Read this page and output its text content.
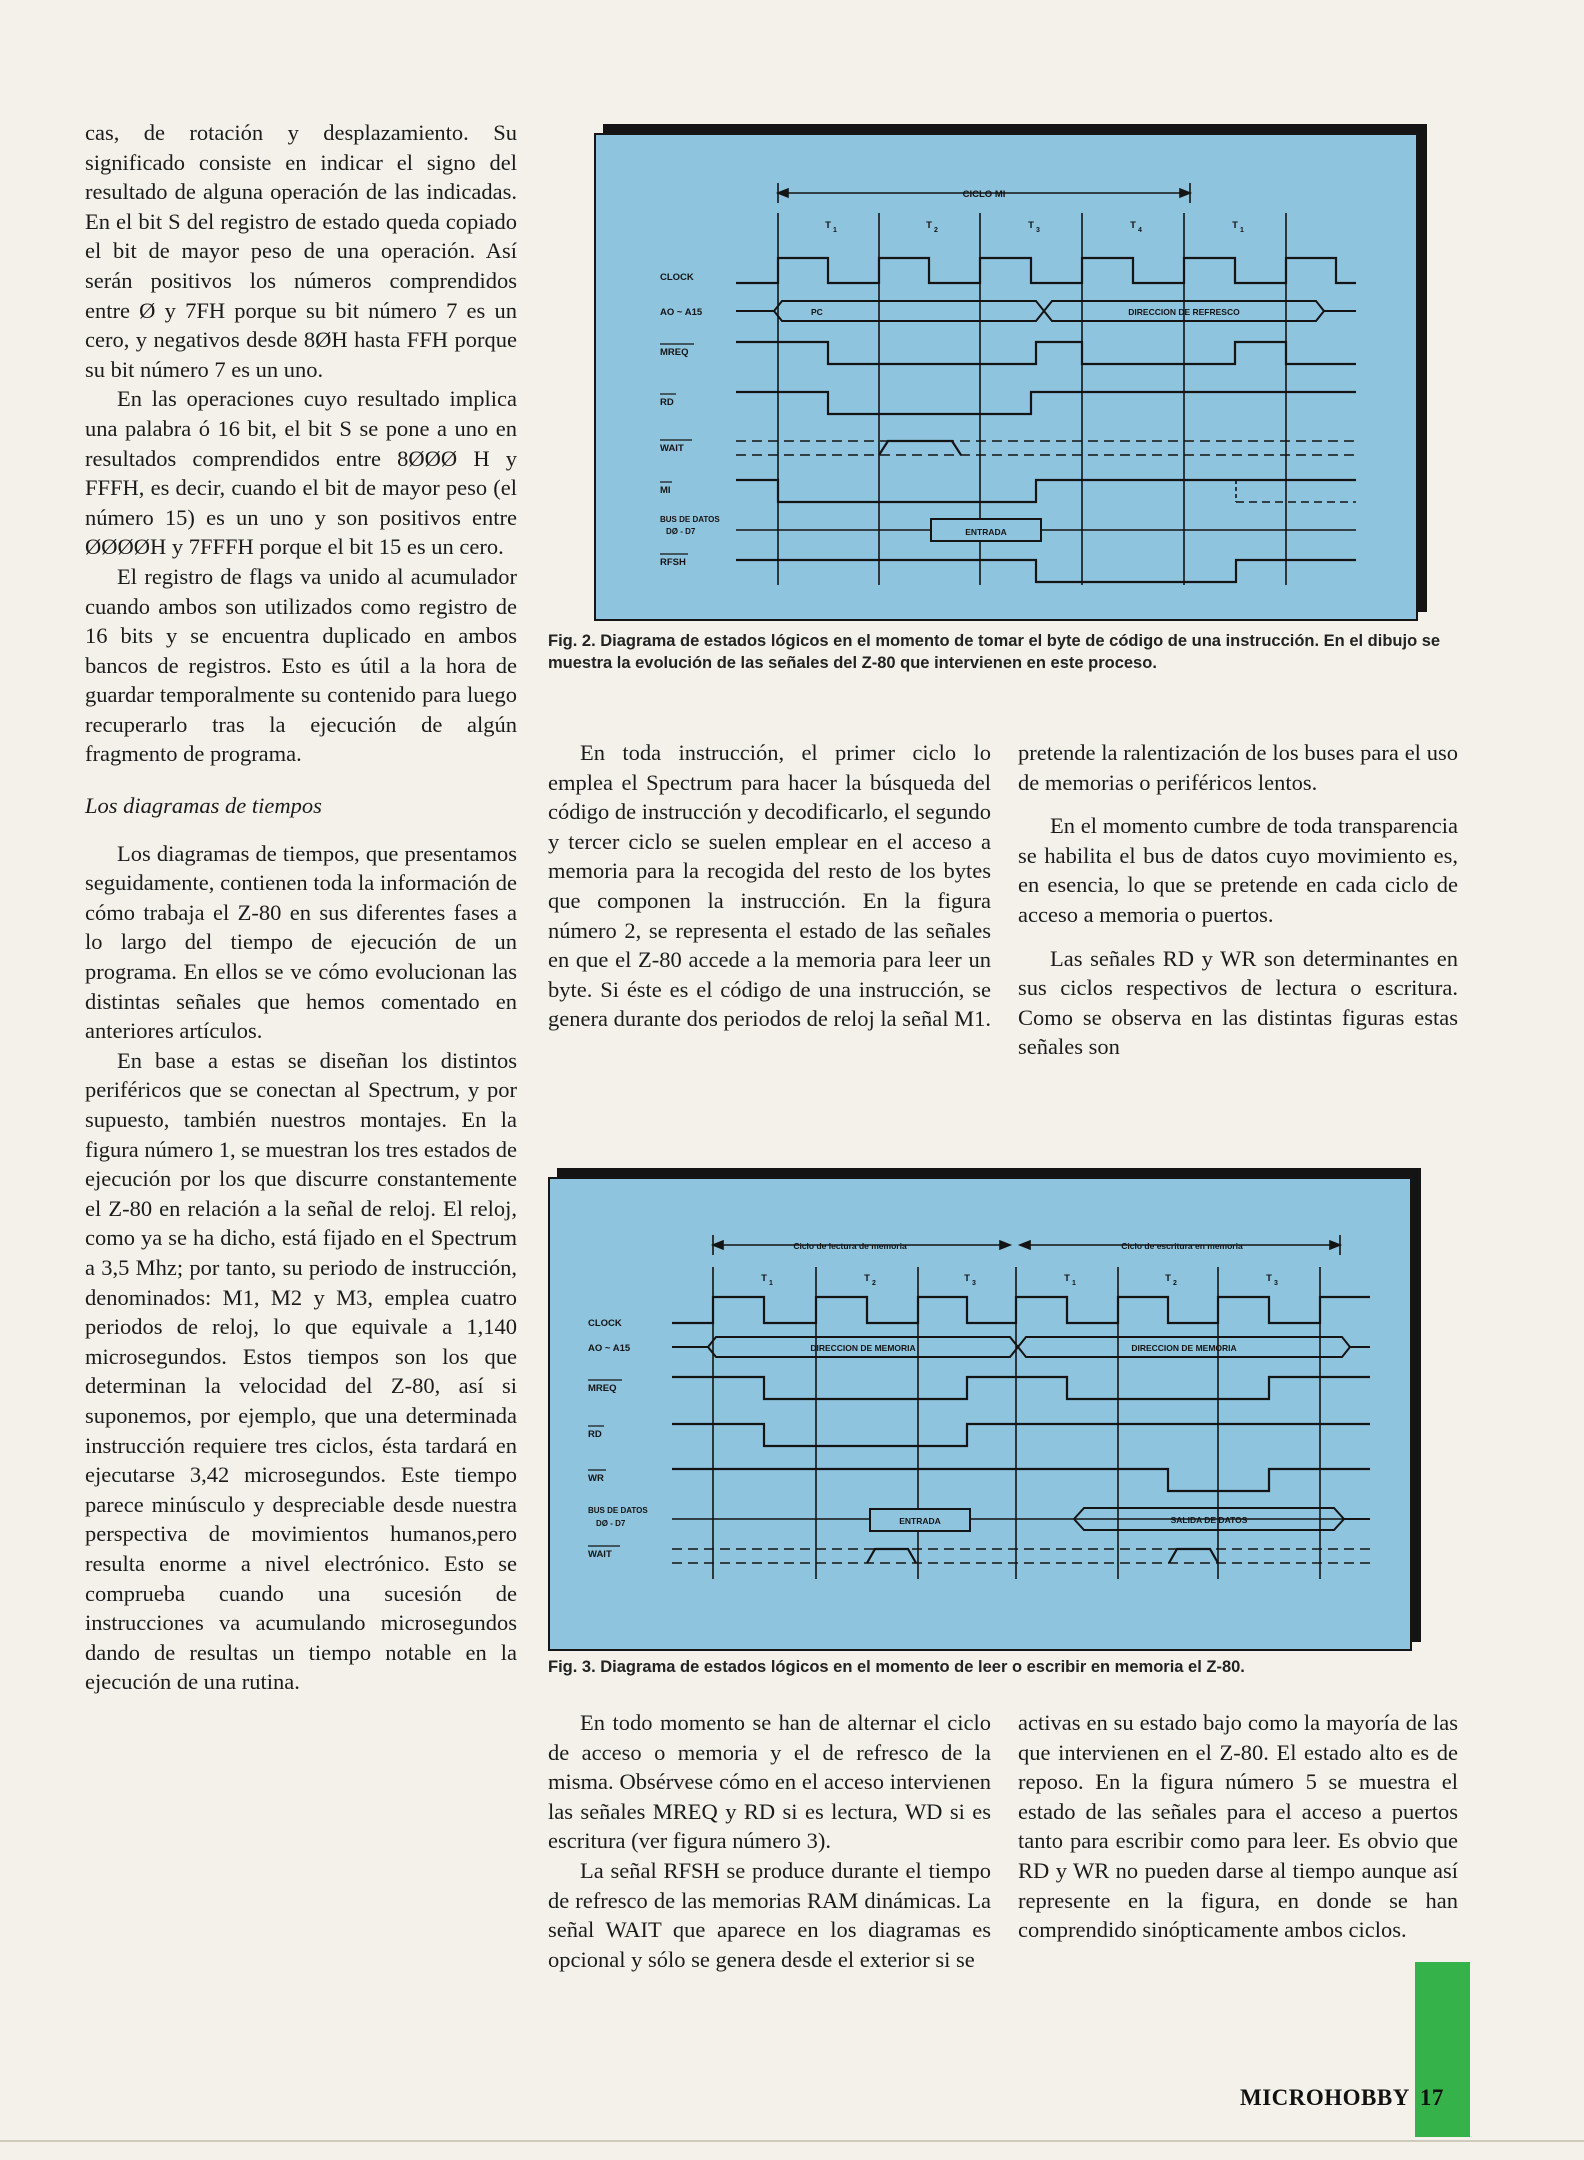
cas, de rotación y desplazamiento. Su significado consiste en indicar el signo del resultado de alguna operación de las indicadas. En el bit S del registro de estado queda copiado el bit de mayor peso de una operación. Así serán positivos los números comprendidos entre Ø y 7FH porque su bit número 7 es un cero, y negativos desde 8ØH hasta FFH porque su bit número 7 es un uno.

En las operaciones cuyo resultado implica una palabra ó 16 bit, el bit S se pone a uno en resultados comprendidos entre 8ØØØ H y FFFH, es decir, cuando el bit de mayor peso (el número 15) es un uno y son positivos entre ØØØØH y 7FFFH porque el bit 15 es un cero.

El registro de flags va unido al acumulador cuando ambos son utilizados como registro de 16 bits y se encuentra duplicado en ambos bancos de registros. Esto es útil a la hora de guardar temporalmente su contenido para luego recuperarlo tras la ejecución de algún fragmento de programa.

Los diagramas de tiempos

Los diagramas de tiempos, que presentamos seguidamente, contienen toda la información de cómo trabaja el Z-80 en sus diferentes fases a lo largo del tiempo de ejecución de un programa. En ellos se ve cómo evolucionan las distintas señales que hemos comentado en anteriores artículos.

En base a estas se diseñan los distintos periféricos que se conectan al Spectrum, y por supuesto, también nuestros montajes. En la figura número 1, se muestran los tres estados de ejecución por los que discurre constantemente el Z-80 en relación a la señal de reloj. El reloj, como ya se ha dicho, está fijado en el Spectrum a 3,5 Mhz; por tanto, su periodo de instrucción, denominados: M1, M2 y M3, emplea cuatro periodos de reloj, lo que equivale a 1,140 microsegundos. Estos tiempos son los que determinan la velocidad del Z-80, así si suponemos, por ejemplo, que una determinada instrucción requiere tres ciclos, ésta tardará en ejecutarse 3,42 microsegundos. Este tiempo parece minúsculo y despreciable desde nuestra perspectiva de movimientos humanos,pero resulta enorme a nivel electrónico. Esto se comprueba cuando una sucesión de instrucciones va acumulando microsegundos dando de resultas un tiempo notable en la ejecución de una rutina.

CICLO MI
T 1	T 2	T 3	T 4	T 1
CLOCK
AO ~ A15
MREQ
RD
WAIT
MI
BUS DE DATOS
DØ - D7
RFSH
PC	DIRECCION DE REFRESCO
ENTRADA
Fig. 2. Diagrama de estados lógicos en el momento de tomar el byte de código de una instrucción. En el dibujo se muestra la evolución de las señales del Z-80 que intervienen en este proceso.

En toda instrucción, el primer ciclo lo emplea el Spectrum para hacer la búsqueda del código de instrucción y decodificarlo, el segundo y tercer ciclo se suelen emplear en el acceso a memoria para la recogida del resto de los bytes que componen la instrucción. En la figura número 2, se representa el estado de las señales en que el Z-80 accede a la memoria para leer un byte. Si éste es el código de una instrucción, se genera durante dos periodos de reloj la señal M1.

pretende la ralentización de los buses para el uso de memorias o periféricos lentos.

En el momento cumbre de toda transparencia se habilita el bus de datos cuyo movimiento es, en esencia, lo que se pretende en cada ciclo de acceso a memoria o puertos.

Las señales RD y WR son determinantes en sus ciclos respectivos de lectura o escritura. Como se observa en las distintas figuras estas señales son

Ciclo de lectura de memoria	Ciclo de escritura en memoria
T 1	T 2	T 3	T 1	T 2	T 3
CLOCK
AO ~ A15
MREQ
RD
WR
BUS DE DATOS
DØ - D7
WAIT
DIRECCION DE MEMORIA	DIRECCION DE MEMORIA
ENTRADA	SALIDA DE DATOS
Fig. 3. Diagrama de estados lógicos en el momento de leer o escribir en memoria el Z-80.

En todo momento se han de alternar el ciclo de acceso o memoria y el de refresco de la misma. Obsérvese cómo en el acceso intervienen las señales MREQ y RD si es lectura, WD si es escritura (ver figura número 3).

La señal RFSH se produce durante el tiempo de refresco de las memorias RAM dinámicas. La señal WAIT que aparece en los diagramas es opcional y sólo se genera desde el exterior si se

activas en su estado bajo como la mayoría de las que intervienen en el Z-80. El estado alto es de reposo. En la figura número 5 se muestra el estado de las señales para el acceso a puertos tanto para escribir como para leer. Es obvio que RD y WR no pueden darse al tiempo aunque así represente en la figura, en donde se han comprendido sinópticamente ambos ciclos.

MICROHOBBY 17
